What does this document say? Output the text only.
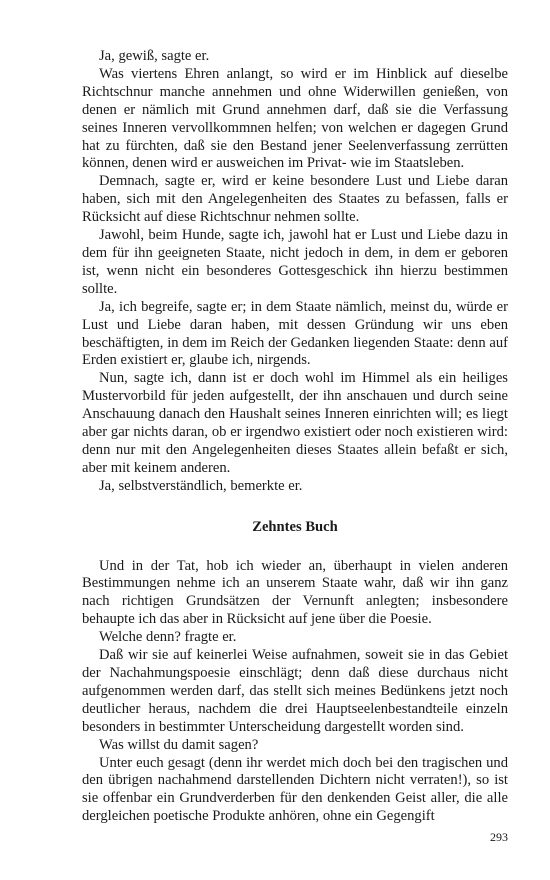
Ja, gewiß, sagte er.

Was viertens Ehren anlangt, so wird er im Hinblick auf dieselbe Richtschnur manche annehmen und ohne Widerwillen genießen, von denen er nämlich mit Grund annehmen darf, daß sie die Verfassung seines Inneren vervollkommnen helfen; von welchen er dagegen Grund hat zu fürchten, daß sie den Bestand jener Seelenverfassung zerrütten können, denen wird er ausweichen im Privat- wie im Staatsleben.

Demnach, sagte er, wird er keine besondere Lust und Liebe daran haben, sich mit den Angelegenheiten des Staates zu befassen, falls er Rücksicht auf diese Richtschnur nehmen sollte.

Jawohl, beim Hunde, sagte ich, jawohl hat er Lust und Liebe dazu in dem für ihn geeigneten Staate, nicht jedoch in dem, in dem er geboren ist, wenn nicht ein besonderes Gottesgeschick ihn hierzu bestimmen sollte.

Ja, ich begreife, sagte er; in dem Staate nämlich, meinst du, würde er Lust und Liebe daran haben, mit dessen Gründung wir uns eben beschäftigten, in dem im Reich der Gedanken liegenden Staate: denn auf Erden existiert er, glaube ich, nirgends.

Nun, sagte ich, dann ist er doch wohl im Himmel als ein heiliges Mustervorbild für jeden aufgestellt, der ihn anschauen und durch seine Anschauung danach den Haushalt seines Inneren einrichten will; es liegt aber gar nichts daran, ob er irgendwo existiert oder noch existieren wird: denn nur mit den Angelegenheiten dieses Staates allein befaßt er sich, aber mit keinem anderen.

Ja, selbstverständlich, bemerkte er.

Zehntes Buch

Und in der Tat, hob ich wieder an, überhaupt in vielen anderen Bestimmungen nehme ich an unserem Staate wahr, daß wir ihn ganz nach richtigen Grundsätzen der Vernunft anlegten; insbesondere behaupte ich das aber in Rücksicht auf jene über die Poesie.

Welche denn? fragte er.

Daß wir sie auf keinerlei Weise aufnahmen, soweit sie in das Gebiet der Nachahmungspoesie einschlägt; denn daß diese durchaus nicht aufgenommen werden darf, das stellt sich meines Bedünkens jetzt noch deutlicher heraus, nachdem die drei Hauptseelenbestandteile einzeln besonders in bestimmter Unterscheidung dargestellt worden sind.

Was willst du damit sagen?

Unter euch gesagt (denn ihr werdet mich doch bei den tragischen und den übrigen nachahmend darstellenden Dichtern nicht verraten!), so ist sie offenbar ein Grundverderben für den denkenden Geist aller, die alle dergleichen poetische Produkte anhören, ohne ein Gegengift

293
